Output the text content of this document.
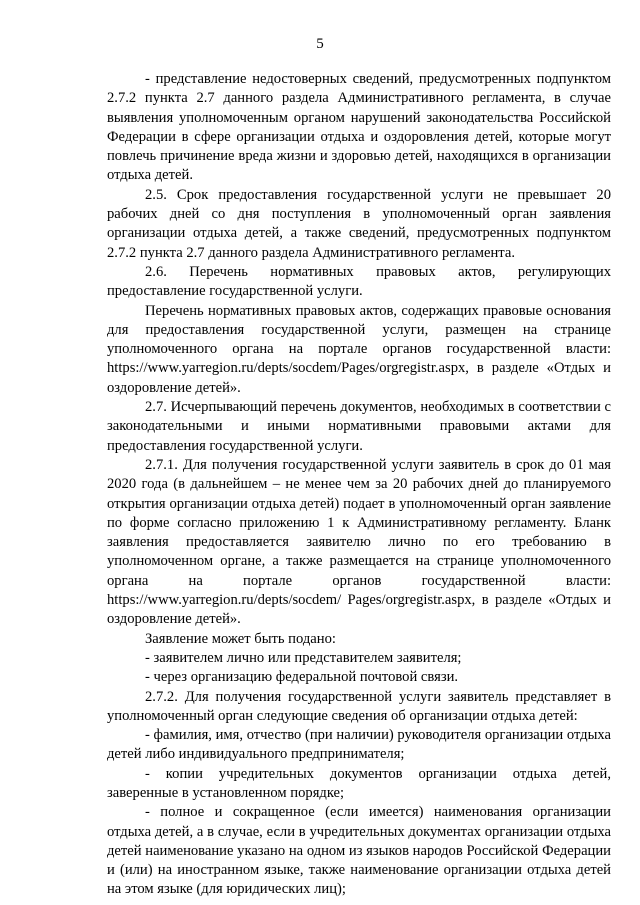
5

- представление недостоверных сведений, предусмотренных подпунктом 2.7.2 пункта 2.7 данного раздела Административного регламента, в случае выявления уполномоченным органом нарушений законодательства Российской Федерации в сфере организации отдыха и оздоровления детей, которые могут повлечь причинение вреда жизни и здоровью детей, находящихся в организации отдыха детей.

2.5. Срок предоставления государственной услуги не превышает 20 рабочих дней со дня поступления в уполномоченный орган заявления организации отдыха детей, а также сведений, предусмотренных подпунктом 2.7.2 пункта 2.7 данного раздела Административного регламента.

2.6. Перечень нормативных правовых актов, регулирующих предоставление государственной услуги.

Перечень нормативных правовых актов, содержащих правовые основания для предоставления государственной услуги, размещен на странице уполномоченного органа на портале органов государственной власти: https://www.yarregion.ru/depts/socdem/Pages/orgregistr.aspx, в разделе «Отдых и оздоровление детей».

2.7. Исчерпывающий перечень документов, необходимых в соответствии с законодательными и иными нормативными правовыми актами для предоставления государственной услуги.

2.7.1. Для получения государственной услуги заявитель в срок до 01 мая 2020 года (в дальнейшем – не менее чем за 20 рабочих дней до планируемого открытия организации отдыха детей) подает в уполномоченный орган заявление по форме согласно приложению 1 к Административному регламенту. Бланк заявления предоставляется заявителю лично по его требованию в уполномоченном органе, а также размещается на странице уполномоченного органа на портале органов государственной власти: https://www.yarregion.ru/depts/socdem/ Pages/orgregistr.aspx, в разделе «Отдых и оздоровление детей».

Заявление может быть подано:

- заявителем лично или представителем заявителя;

- через организацию федеральной почтовой связи.

2.7.2. Для получения государственной услуги заявитель представляет в уполномоченный орган следующие сведения об организации отдыха детей:

- фамилия, имя, отчество (при наличии) руководителя организации отдыха детей либо индивидуального предпринимателя;

- копии учредительных документов организации отдыха детей, заверенные в установленном порядке;

- полное и сокращенное (если имеется) наименования организации отдыха детей, а в случае, если в учредительных документах организации отдыха детей наименование указано на одном из языков народов Российской Федерации и (или) на иностранном языке, также наименование организации отдыха детей на этом языке (для юридических лиц);
